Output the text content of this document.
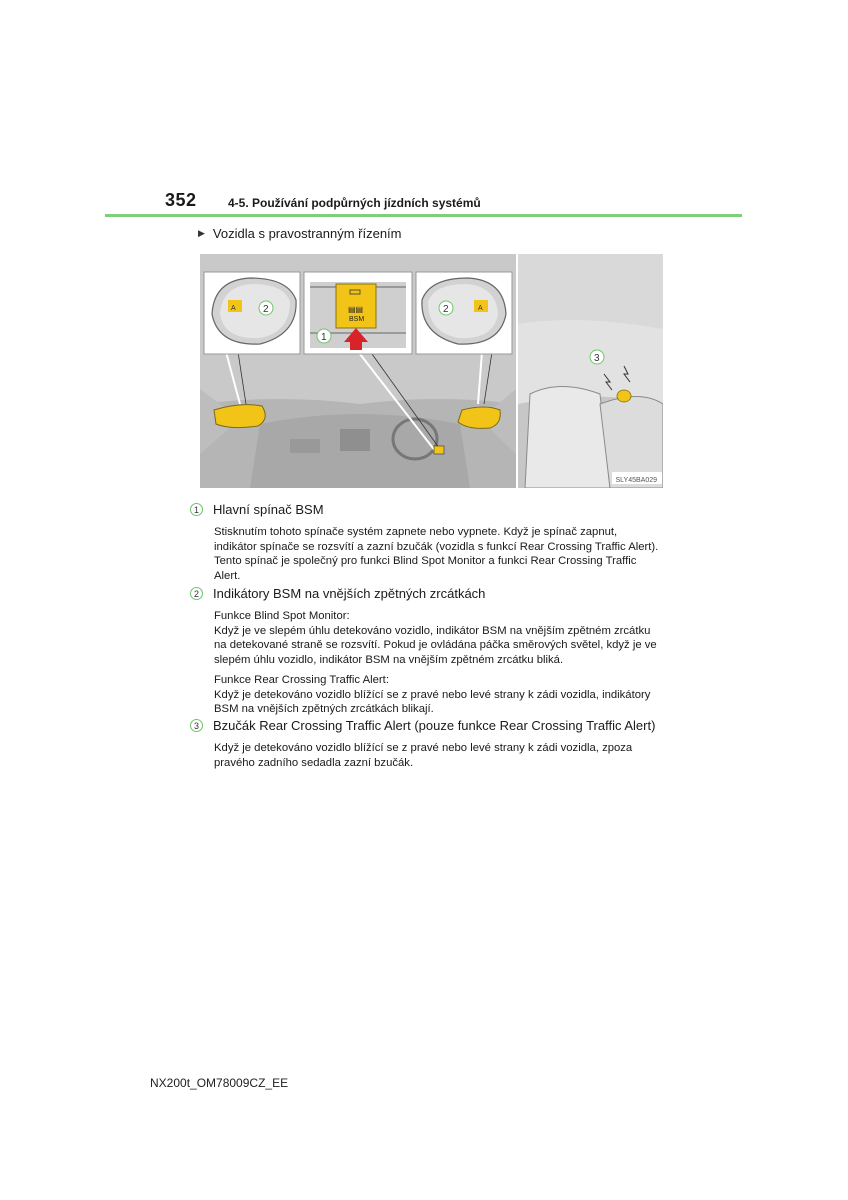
352	4-5. Používání podpůrných jízdních systémů
▶ Vozidla s pravostranným řízením
A	2	▤▤
BSM
1
A
2
3
SLY45BA029
1	Hlavní spínač BSM

Stisknutím tohoto spínače systém zapnete nebo vypnete. Když je spínač zapnut, indikátor spínače se rozsvítí a zazní bzučák (vozidla s funkcí Rear Crossing Traffic Alert). Tento spínač je společný pro funkci Blind Spot Monitor a funkci Rear Crossing Traffic Alert.

2	Indikátory BSM na vnějších zpětných zrcátkách

Funkce Blind Spot Monitor:

Když je ve slepém úhlu detekováno vozidlo, indikátor BSM na vnějším zpětném zrcátku na detekované straně se rozsvítí. Pokud je ovládána páčka směrových světel, když je ve slepém úhlu vozidlo, indikátor BSM na vnějším zpětném zrcátku bliká.

Funkce Rear Crossing Traffic Alert:

Když je detekováno vozidlo blížící se z pravé nebo levé strany k zádi vozidla, indikátory BSM na vnějších zpětných zrcátkách blikají.

3	Bzučák Rear Crossing Traffic Alert (pouze funkce Rear Crossing Traffic Alert)

Když je detekováno vozidlo blížící se z pravé nebo levé strany k zádi vozidla, zpoza pravého zadního sedadla zazní bzučák.

NX200t_OM78009CZ_EE
